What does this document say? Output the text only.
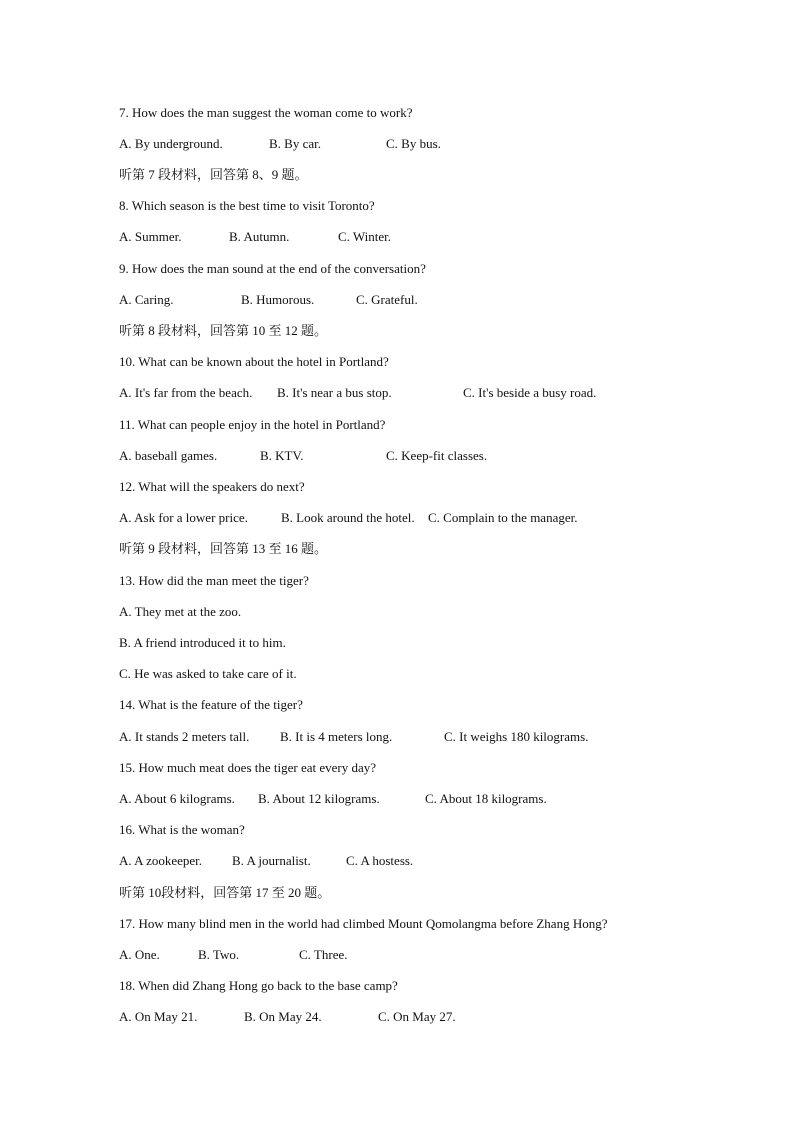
7. How does the man suggest the woman come to work?
A. By underground.	B. By car.	C. By bus.
听第 7 段材料，回答第 8、9 题。
8. Which season is the best time to visit Toronto?
A. Summer.	B. Autumn.	C. Winter.
9. How does the man sound at the end of the conversation?
A. Caring.	B. Humorous.	C. Grateful.
听第 8 段材料，回答第 10 至 12 题。
10. What can be known about the hotel in Portland?
A. It's far from the beach. B. It's near a bus stop.	C. It's beside a busy road.
11. What can people enjoy in the hotel in Portland?
A. baseball games.	B. KTV.	C. Keep-fit classes.
12. What will the speakers do next?
A. Ask for a lower price.	B. Look around the hotel. C. Complain to the manager.
听第 9 段材料，回答第 13 至 16 题。
13. How did the man meet the tiger?
A. They met at the zoo.
B. A friend introduced it to him.
C. He was asked to take care of it.
14. What is the feature of the tiger?
A. It stands 2 meters tall. B. It is 4 meters long.	C. It weighs 180 kilograms.
15. How much meat does the tiger eat every day?
A. About 6 kilograms. B. About 12 kilograms.	C. About 18 kilograms.
16. What is the woman?
A. A zookeeper. B. A journalist.	C. A hostess.
听第 10段材料，回答第 17 至 20 题。
17. How many blind men in the world had climbed Mount Qomolangma before Zhang Hong?
A. One.	B. Two.	C. Three.
18. When did Zhang Hong go back to the base camp?
A. On May 21.	B. On May 24.	C. On May 27.
